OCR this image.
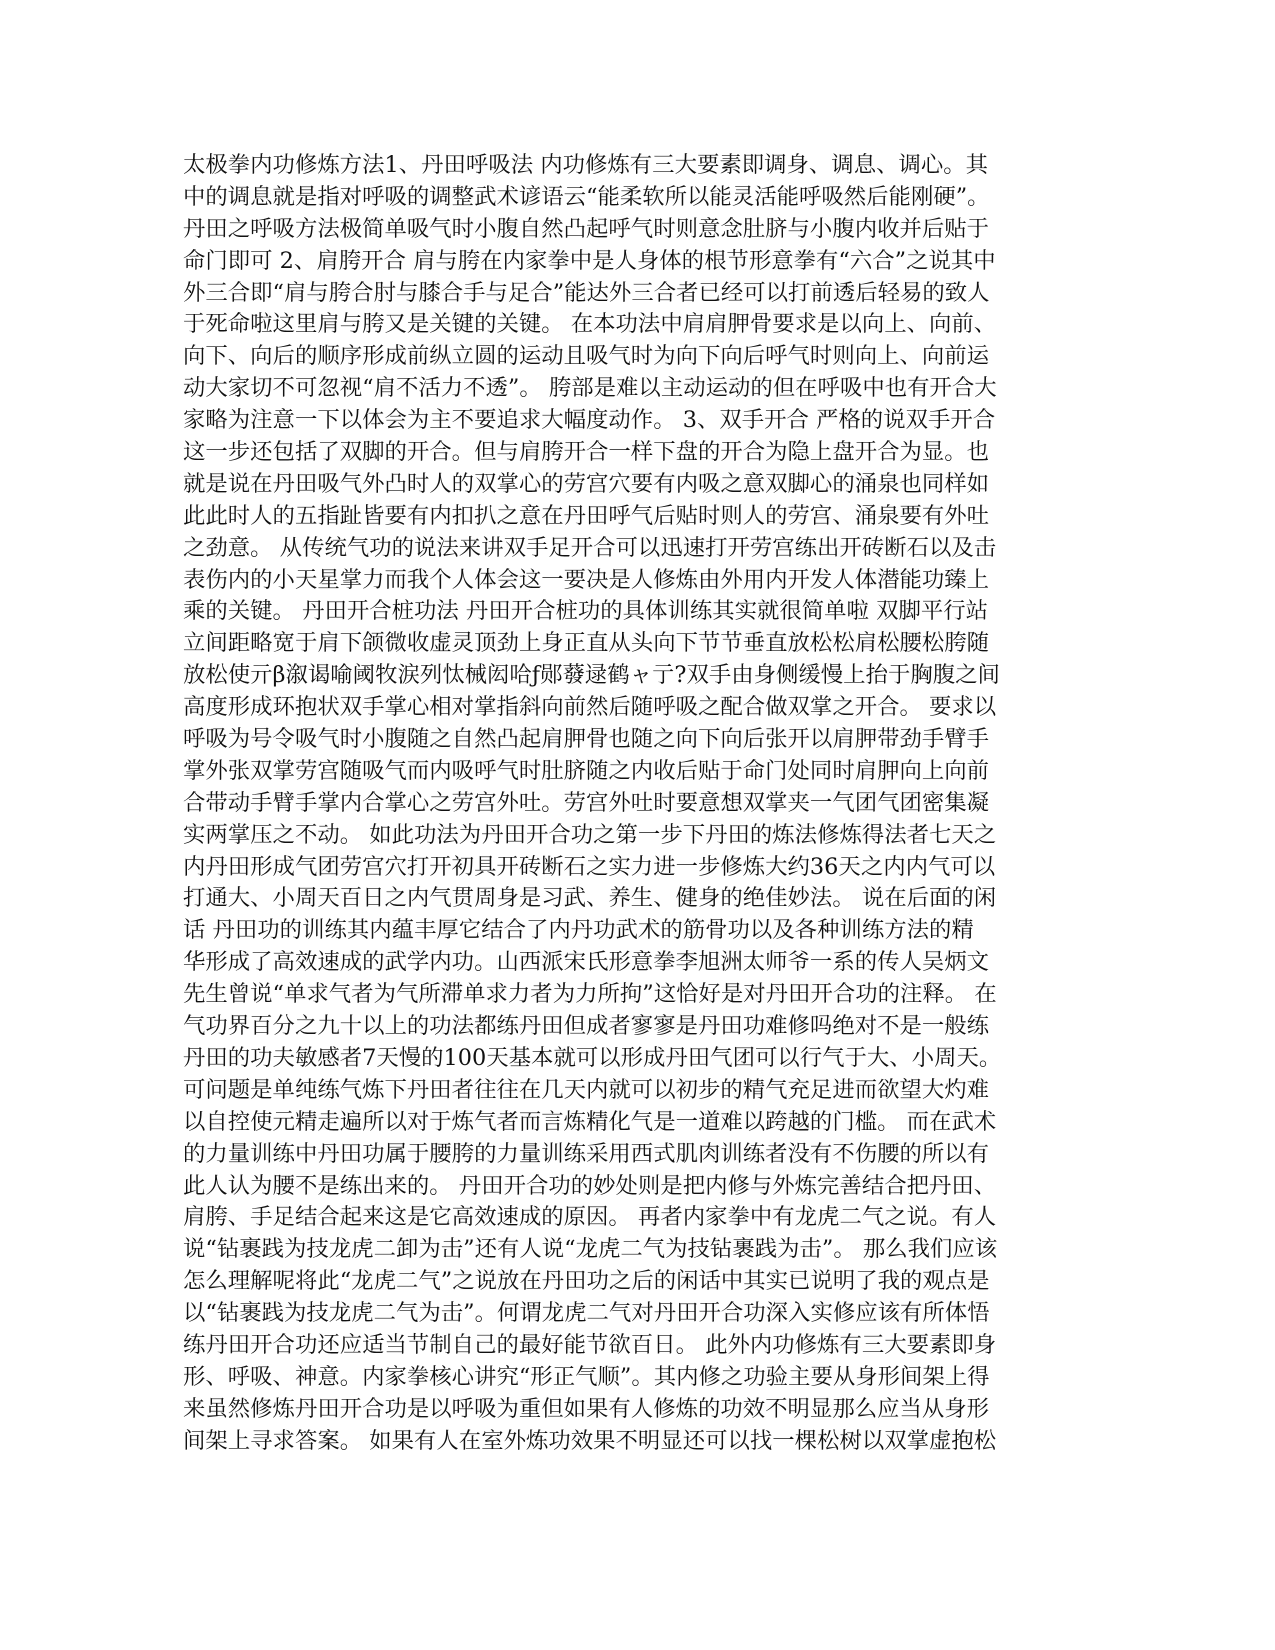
太极拳内功修炼方法1、丹田呼吸法 内功修炼有三大要素即调身、调息、调心。其
中的调息就是指对呼吸的调整武术谚语云“能柔软所以能灵活能呼吸然后能刚硬”。
丹田之呼吸方法极简单吸气时小腹自然凸起呼气时则意念肚脐与小腹内收并后贴于
命门即可 2、肩胯开合 肩与胯在内家拳中是人身体的根节形意拳有“六合”之说其中
外三合即“肩与胯合肘与膝合手与足合”能达外三合者已经可以打前透后轻易的致人
于死命啦这里肩与胯又是关键的关键。 在本功法中肩肩胛骨要求是以向上、向前、
向下、向后的顺序形成前纵立圆的运动且吸气时为向下向后呼气时则向上、向前运
动大家切不可忽视“肩不活力不透”。 胯部是难以主动运动的但在呼吸中也有开合大
家略为注意一下以体会为主不要追求大幅度动作。 3、双手开合 严格的说双手开合
这一步还包括了双脚的开合。但与肩胯开合一样下盘的开合为隐上盘开合为显。也
就是说在丹田吸气外凸时人的双掌心的劳宫穴要有内吸之意双脚心的涌泉也同样如
此此时人的五指趾皆要有内扣扒之意在丹田呼气后贴时则人的劳宫、涌泉要有外吐
之劲意。 从传统气功的说法来讲双手足开合可以迅速打开劳宫练出开砖断石以及击
表伤内的小天星掌力而我个人体会这一要决是人修炼由外用内开发人体潜能功臻上
乘的关键。 丹田开合桩功法 丹田开合桩功的具体训练其实就很简单啦 双脚平行站
立间距略宽于肩下颌微收虚灵顶劲上身正直从头向下节节垂直放松松肩松腰松胯随
放松使亓β溆谒喻阈牧涙列忲械闳哈ƒ郧蕟逯鹤ャ亍?双手由身侧缓慢上抬于胸腹之间
高度形成环抱状双手掌心相对掌指斜向前然后随呼吸之配合做双掌之开合。 要求以
呼吸为号令吸气时小腹随之自然凸起肩胛骨也随之向下向后张开以肩胛带劲手臂手
掌外张双掌劳宫随吸气而内吸呼气时肚脐随之内收后贴于命门处同时肩胛向上向前
合带动手臂手掌内合掌心之劳宫外吐。劳宫外吐时要意想双掌夹一气团气团密集凝
实两掌压之不动。 如此功法为丹田开合功之第一步下丹田的炼法修炼得法者七天之
内丹田形成气团劳宫穴打开初具开砖断石之实力进一步修炼大约36天之内内气可以
打通大、小周天百日之内气贯周身是习武、养生、健身的绝佳妙法。 说在后面的闲
话 丹田功的训练其内蕴丰厚它结合了内丹功武术的筋骨功以及各种训练方法的精
华形成了高效速成的武学内功。山西派宋氏形意拳李旭洲太师爷一系的传人吴炳文
先生曾说“单求气者为气所滞单求力者为力所拘”这恰好是对丹田开合功的注释。 在
气功界百分之九十以上的功法都练丹田但成者寥寥是丹田功难修吗绝对不是一般练
丹田的功夫敏感者7天慢的100天基本就可以形成丹田气团可以行气于大、小周天。
可问题是单纯练气炼下丹田者往往在几天内就可以初步的精气充足进而欲望大灼难
以自控使元精走遍所以对于炼气者而言炼精化气是一道难以跨越的门槛。 而在武术
的力量训练中丹田功属于腰胯的力量训练采用西式肌肉训练者没有不伤腰的所以有
此人认为腰不是练出来的。 丹田开合功的妙处则是把内修与外炼完善结合把丹田、
肩胯、手足结合起来这是它高效速成的原因。 再者内家拳中有龙虎二气之说。有人
说“钻裹践为技龙虎二卸为击”还有人说“龙虎二气为技钻裹践为击”。 那么我们应该
怎么理解呢将此“龙虎二气”之说放在丹田功之后的闲话中其实已说明了我的观点是
以“钻裹践为技龙虎二气为击”。何谓龙虎二气对丹田开合功深入实修应该有所体悟
练丹田开合功还应适当节制自己的最好能节欲百日。 此外内功修炼有三大要素即身
形、呼吸、神意。内家拳核心讲究“形正气顺”。其内修之功验主要从身形间架上得
来虽然修炼丹田开合功是以呼吸为重但如果有人修炼的功效不明显那么应当从身形
间架上寻求答案。 如果有人在室外炼功效果不明显还可以找一棵松树以双掌虚抱松
